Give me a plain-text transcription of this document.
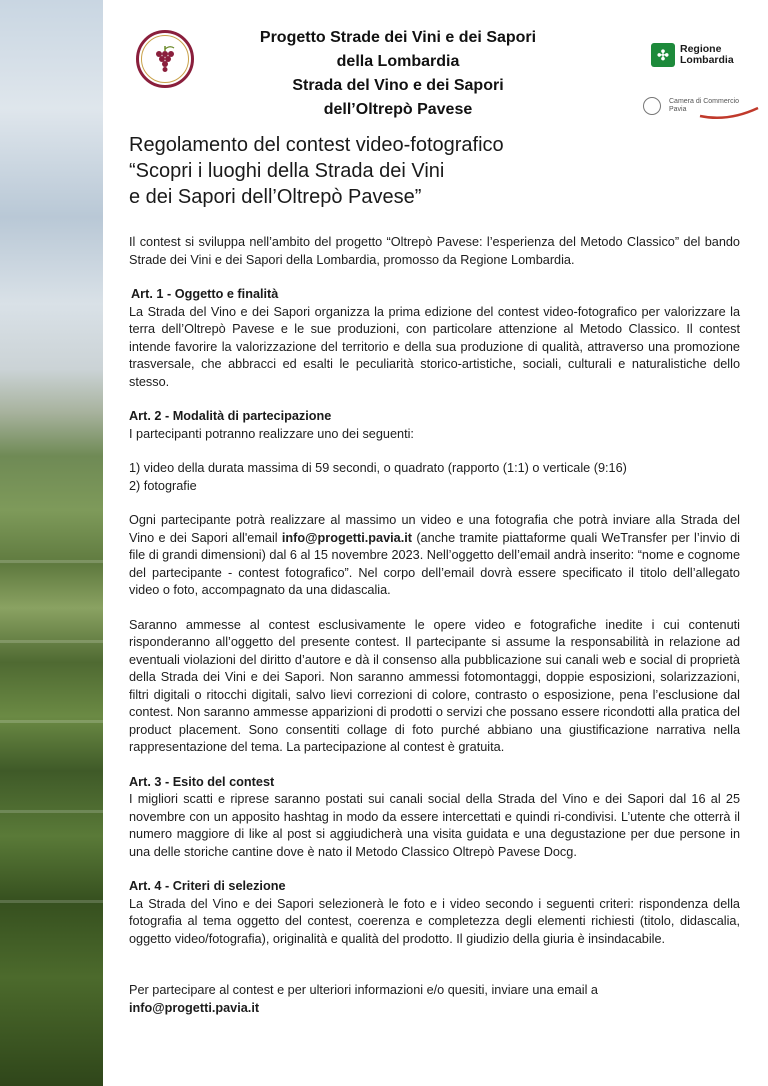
Progetto Strade dei Vini e dei Sapori
della Lombardia
Strada del Vino e dei Sapori
dell’Oltrepò Pavese
✣	Regione
Lombardia
Camera di Commercio
Pavia
Regolamento del contest video-fotografico
“Scopri i luoghi della Strada dei Vini
e dei Sapori dell’Oltrepò Pavese”

Il contest si sviluppa nell’ambito del progetto “Oltrepò Pavese: l’esperienza del Metodo Classico” del bando Strade dei Vini e dei Sapori della Lombardia, promosso da Regione Lombardia.

Art. 1 - Oggetto e finalità

La Strada del Vino e dei Sapori organizza la prima edizione del contest video-fotografico per valorizzare la terra dell’Oltrepò Pavese e le sue produzioni, con particolare attenzione al Metodo Classico. Il contest intende favorire la valorizzazione del territorio e della sua produzione di qualità, attraverso una promozione trasversale, che abbracci ed esalti le peculiarità storico-artistiche, sociali, culturali e naturalistiche dello stesso.

Art. 2 - Modalità di partecipazione

I partecipanti potranno realizzare uno dei seguenti:

1) video della durata massima di 59 secondi, o quadrato (rapporto (1:1) o verticale (9:16)

2) fotografie

Ogni partecipante potrà realizzare al massimo un video e una fotografia che potrà inviare alla Strada del Vino e dei Sapori all'email info@progetti.pavia.it (anche tramite piattaforme quali WeTransfer per l’invio di file di grandi dimensioni) dal 6 al 15 novembre 2023. Nell’oggetto dell’email andrà inserito: “nome e cognome del partecipante - contest fotografico”. Nel corpo dell’email dovrà essere specificato il titolo dell’allegato video o foto, accompagnato da una didascalia.

Saranno ammesse al contest esclusivamente le opere video e fotografiche inedite i cui contenuti risponderanno all’oggetto del presente contest. Il partecipante si assume la responsabilità in relazione ad eventuali violazioni del diritto d’autore e dà il consenso alla pubblicazione sui canali web e social di proprietà della Strada dei Vini e dei Sapori. Non saranno ammessi fotomontaggi, doppie esposizioni, solarizzazioni, filtri digitali o ritocchi digitali, salvo lievi correzioni di colore, contrasto o esposizione, pena l’esclusione dal contest. Non saranno ammesse apparizioni di prodotti o servizi che possano essere ricondotti alla pratica del product placement. Sono consentiti collage di foto purché abbiano una giustificazione narrativa nella rappresentazione del tema. La partecipazione al contest è gratuita.

Art. 3 - Esito del contest

I migliori scatti e riprese saranno postati sui canali social della Strada del Vino e dei Sapori dal 16 al 25 novembre con un apposito hashtag in modo da essere intercettati e quindi ri-condivisi. L’utente che otterrà il numero maggiore di like al post si aggiudicherà una visita guidata e una degustazione per due persone in una delle storiche cantine dove è nato il Metodo Classico Oltrepò Pavese Docg.

Art. 4 - Criteri di selezione

La Strada del Vino e dei Sapori selezionerà le foto e i video secondo i seguenti criteri: rispondenza della fotografia al tema oggetto del contest, coerenza e completezza degli elementi richiesti (titolo, didascalia, oggetto video/fotografia), originalità e qualità del prodotto. Il giudizio della giuria è insindacabile.

Per partecipare al contest e per ulteriori informazioni e/o quesiti, inviare una email a
info@progetti.pavia.it
